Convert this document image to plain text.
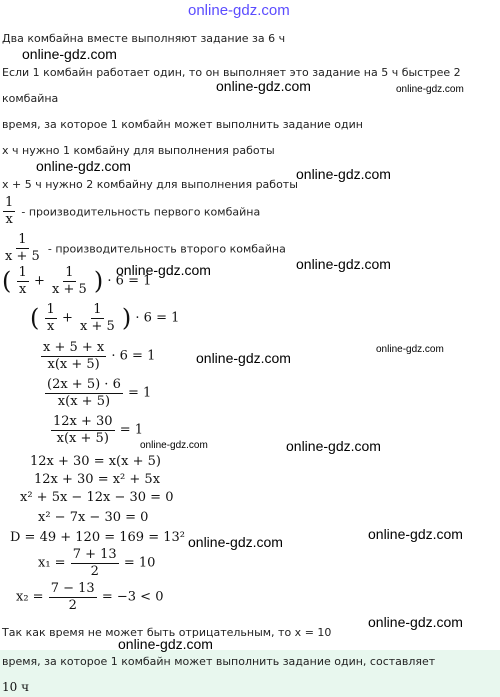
online-gdz.com
Два комбайна вместе выполняют задание за 6 ч
Если 1 комбайн работает один, то он выполняет это задание на 5 ч быстрее 2
комбайна
время, за которое 1 комбайн может выполнить задание один
x ч нужно 1 комбайну для выполнения работы
x + 5 ч нужно 2 комбайну для выполнения работы
$\frac{1}{x}$ - производительность первого комбайна
$\frac{1}{x + 5}$ - производительность второго комбайна
( $\frac{1}{x} + \frac{1}{x + 5}$ ) · 6 = 1
( $\frac{1}{x} + \frac{1}{x + 5}$ ) · 6 = 1
$\frac{x + 5 + x}{x(x + 5)} \cdot 6 = 1$
$\frac{(2x + 5) \cdot 6}{x(x + 5)} = 1$
$\frac{12x + 30}{x(x + 5)} = 1$
12x + 30 = x(x + 5)
12x + 30 = x² + 5x
x² + 5x − 12x − 30 = 0
x² − 7x − 30 = 0
D = 49 + 120 = 169 = 13²
$x_1 = \frac{7 + 13}{2} = 10$
$x_2 = \frac{7 - 13}{2} = -3 < 0$
Так как время не может быть отрицательным, то x = 10
время, за которое 1 комбайн может выполнить задание один, составляет
10 ч
online-gdz.com
online-gdz.com	online-gdz.com
online-gdz.com	online-gdz.com
online-gdz.com
online-gdz.com
online-gdz.com
online-gdz.com
online-gdz.com
online-gdz.com
online-gdz.com
online-gdz.com
online-gdz.com
online-gdz.com
